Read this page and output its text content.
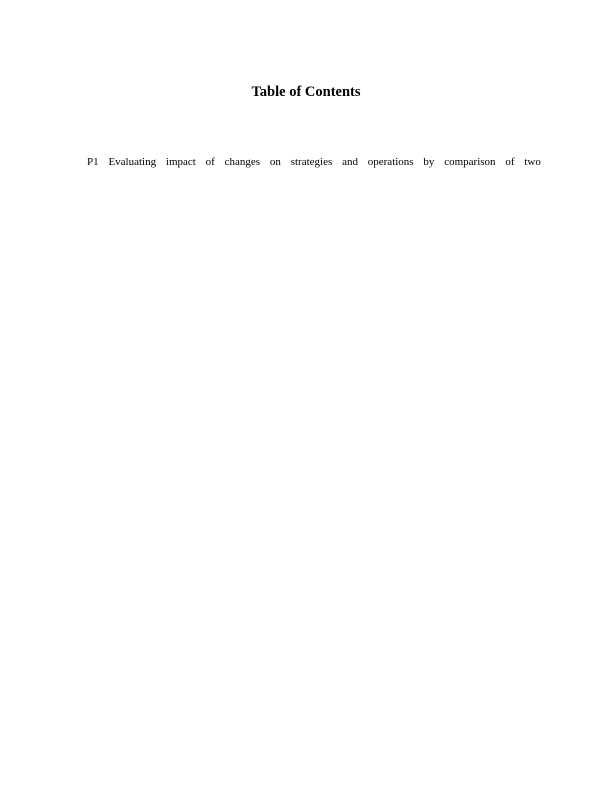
Table of Contents
P1 Evaluating impact of changes on strategies and operations by comparison of two
